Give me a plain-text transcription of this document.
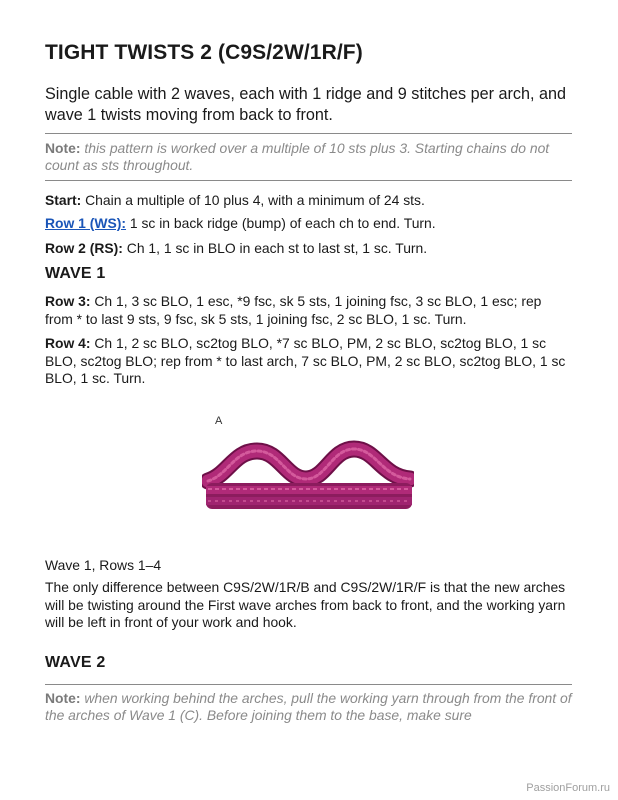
TIGHT TWISTS 2 (C9S/2W/1R/F)

Single cable with 2 waves, each with 1 ridge and 9 stitches per arch, and wave 1 twists moving from back to front.

Note: this pattern is worked over a multiple of 10 sts plus 3. Starting chains do not count as sts throughout.

Start: Chain a multiple of 10 plus 4, with a minimum of 24 sts.

Row 1 (WS): 1 sc in back ridge (bump) of each ch to end. Turn.

Row 2 (RS): Ch 1, 1 sc in BLO in each st to last st, 1 sc. Turn.

WAVE 1

Row 3: Ch 1, 3 sc BLO, 1 esc, *9 fsc, sk 5 sts, 1 joining fsc, 3 sc BLO, 1 esc; rep from * to last 9 sts, 9 fsc, sk 5 sts, 1 joining fsc, 2 sc BLO, 1 sc. Turn.

Row 4: Ch 1, 2 sc BLO, sc2tog BLO, *7 sc BLO, PM, 2 sc BLO, sc2tog BLO, 1 sc BLO, sc2tog BLO; rep from * to last arch, 7 sc BLO, PM, 2 sc BLO, sc2tog BLO, 1 sc BLO, 1 sc. Turn.

A

Wave 1, Rows 1–4

The only difference between C9S/2W/1R/B and C9S/2W/1R/F is that the new arches will be twisting around the First wave arches from back to front, and the working yarn will be left in front of your work and hook.

WAVE 2

Note: when working behind the arches, pull the working yarn through from the front of the arches of Wave 1 (C). Before joining them to the base, make sure

PassionForum.ru
